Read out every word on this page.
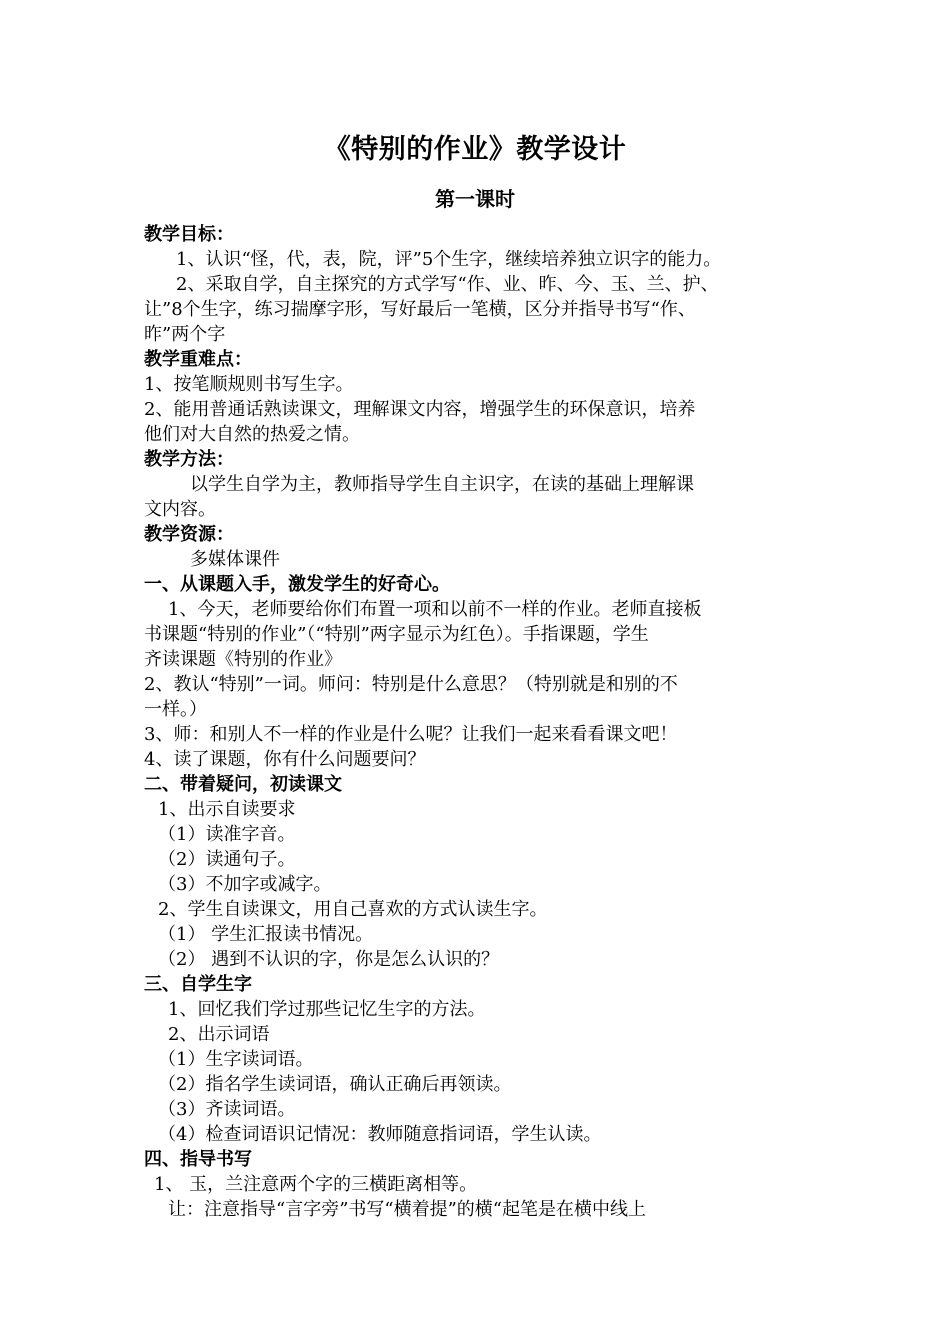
《特别的作业》教学设计
第一课时
教学目标：
1、认识“怪，代，表，院，评”5个生字，继续培养独立识字的能力。
2、采取自学，自主探究的方式学写“作、业、昨、今、玉、兰、护、
让”8个生字，练习揣摩字形，写好最后一笔横，区分并指导书写“作、
昨”两个字
教学重难点：
1、按笔顺规则书写生字。
2、能用普通话熟读课文，理解课文内容，增强学生的环保意识，培养
他们对大自然的热爱之情。
教学方法：
以学生自学为主，教师指导学生自主识字，在读的基础上理解课
文内容。
教学资源：
多媒体课件
一、从课题入手，激发学生的好奇心。
1、今天，老师要给你们布置一项和以前不一样的作业。老师直接板
书课题“特别的作业”（“特别”两字显示为红色）。手指课题，学生
齐读课题《特别的作业》
2、教认“特别”一词。师问：特别是什么意思？（特别就是和别的不
一样。）
3、师：和别人不一样的作业是什么呢？让我们一起来看看课文吧！
4、读了课题，你有什么问题要问？
二、带着疑问，初读课文
1、出示自读要求
（1）读准字音。
（2）读通句子。
（3）不加字或减字。
2、学生自读课文，用自己喜欢的方式认读生字。
（1） 学生汇报读书情况。
（2） 遇到不认识的字，你是怎么认识的？
三、自学生字
1、回忆我们学过那些记忆生字的方法。
2、出示词语
（1）生字读词语。
（2）指名学生读词语，确认正确后再领读。
（3）齐读词语。
（4）检查词语识记情况：教师随意指词语，学生认读。
四、指导书写
1、 玉，兰注意两个字的三横距离相等。
让：注意指导“言字旁”书写“横着提”的横“起笔是在横中线上
